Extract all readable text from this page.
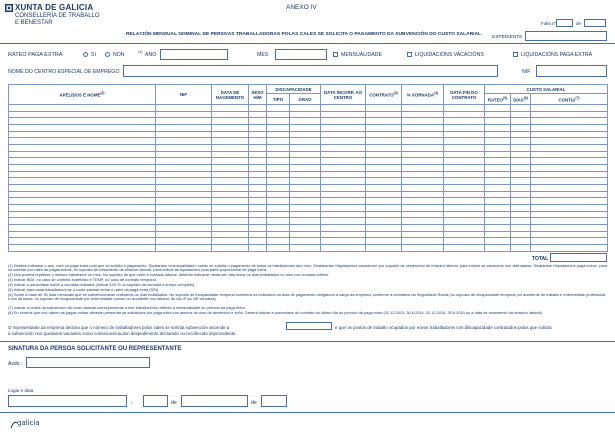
XUNTA DE GALICIA
CONSELLERÍA DE TRABALLO
E BENESTAR
ANEXO IV
Folla nº	de
RELACIÓN MENSUAL NOMINAL DE PERSOAS TRABALLADORAS POLAS CALES SE SOLICITA O PAGAMENTO DA SUBVENCIÓN DO CUSTO SALARIAL
EXPEDIENTE
RATEO PAGA EXTRA	SI	NON	(1) ANO	MES	MENSUALIDADE	LIQUIDACIÓNS VACACIÓNS	LIQUIDACIÓNS PAGA EXTRA
NOME DO CENTRO ESPECIAL DE EMPREGO	NIF
APELIDOS E NOME$^{(2)}$	NIF	DATA DE NACEMENTO	SEXO H/M	DISCAPACIDADE		DATA INCORP. AO CENTRO	CONTRATO$^{(3)}$	% XORNADA$^{(4)}$	DATA FIN DO CONTRATO	CUSTO SALARIAL		
				TIPO	GRAO					RATEO$^{(5)}$	DÍAS$^{(6)}$	CONTÍA$^{(7)}$

TOTAL
(1) Deberá indicarse o ano, mes ou paga extra polo que se solicita o pagamento. Sinalarase «mensualidade» cando se solicita o pagamento de todos os traballadores dun mes. Sinalaranse «liquidacións vacacións» por suposto de cesamento de relación laboral, para indicar as vacacións non disfrutadas. Sinalarase «liquidacións paga extra», para se solicitar por rateo as pagas extras, en suposto de cesamento da relación laboral, para indicar as liquidacións pola parte proporcional de paga extra.
(2) Non poderá repetirse o mesmo traballador no mes. No suposto de que varíe a xornada laboral, deberán indicarse nesta sen alta todos os días traballados no mes coa xornada inferior.
(3) Indicar INDI, no caso de contrato indefinido e TEMP, no caso de contrato temporal.
(4) Indicar a porcentaxe sobre a xornada ordinaria (indicar 100 % no suposto de xornada a tempo completo).
(5) Indicar para cada traballador/a se o custo salarial inclúe o rateo da paga extra (S/N).
(6) Sobre a base de 30 días mensuais que se subvencionarán ordinarios os días traballados. No suposto de incapacidade temporal someterá na indicación os días de pagamento obrigatorio a cargo da empresa, conforme a normativa da Seguridade Social (no suposto de incapacidade temporal por accidente de traballo e enfermidade profesional, o día da baixa; no suposto de incapacidade por enfermidade común ou accidente non laboral, do día 4º ao 15º da baixa).
(7) Indicar a contía da subvención do custo salarial correspondente a ese traballador/a referida á mensualidade ou período da paga extra.
(8) En centros que non rateen as pagas extras deberán presentar as solicitudes por paga extra cos anexos do mes de decembro e xuño. Deberá indicar a porcentaxe do contrato do último día do período da paga extra (31.12.2013, 30.6.2014, 31.12.2014, 30.6.2015 ou a data de cesamento da relación laboral).
O representante da empresa declara que o número de traballadores polos cales se solicita subvención ascende a	e que os postos de traballo ocupados por novos traballadores con discapacidade contratados polos que solicita
a subvención non quedaron vacantes como consecuencia dun despedimento declarado ou recoñecido improcedente.
SINATURA DA PERSOA SOLICITANTE OU REPRESENTANTE
Asdo.:
Lugar e data
,	de	de
galicia
